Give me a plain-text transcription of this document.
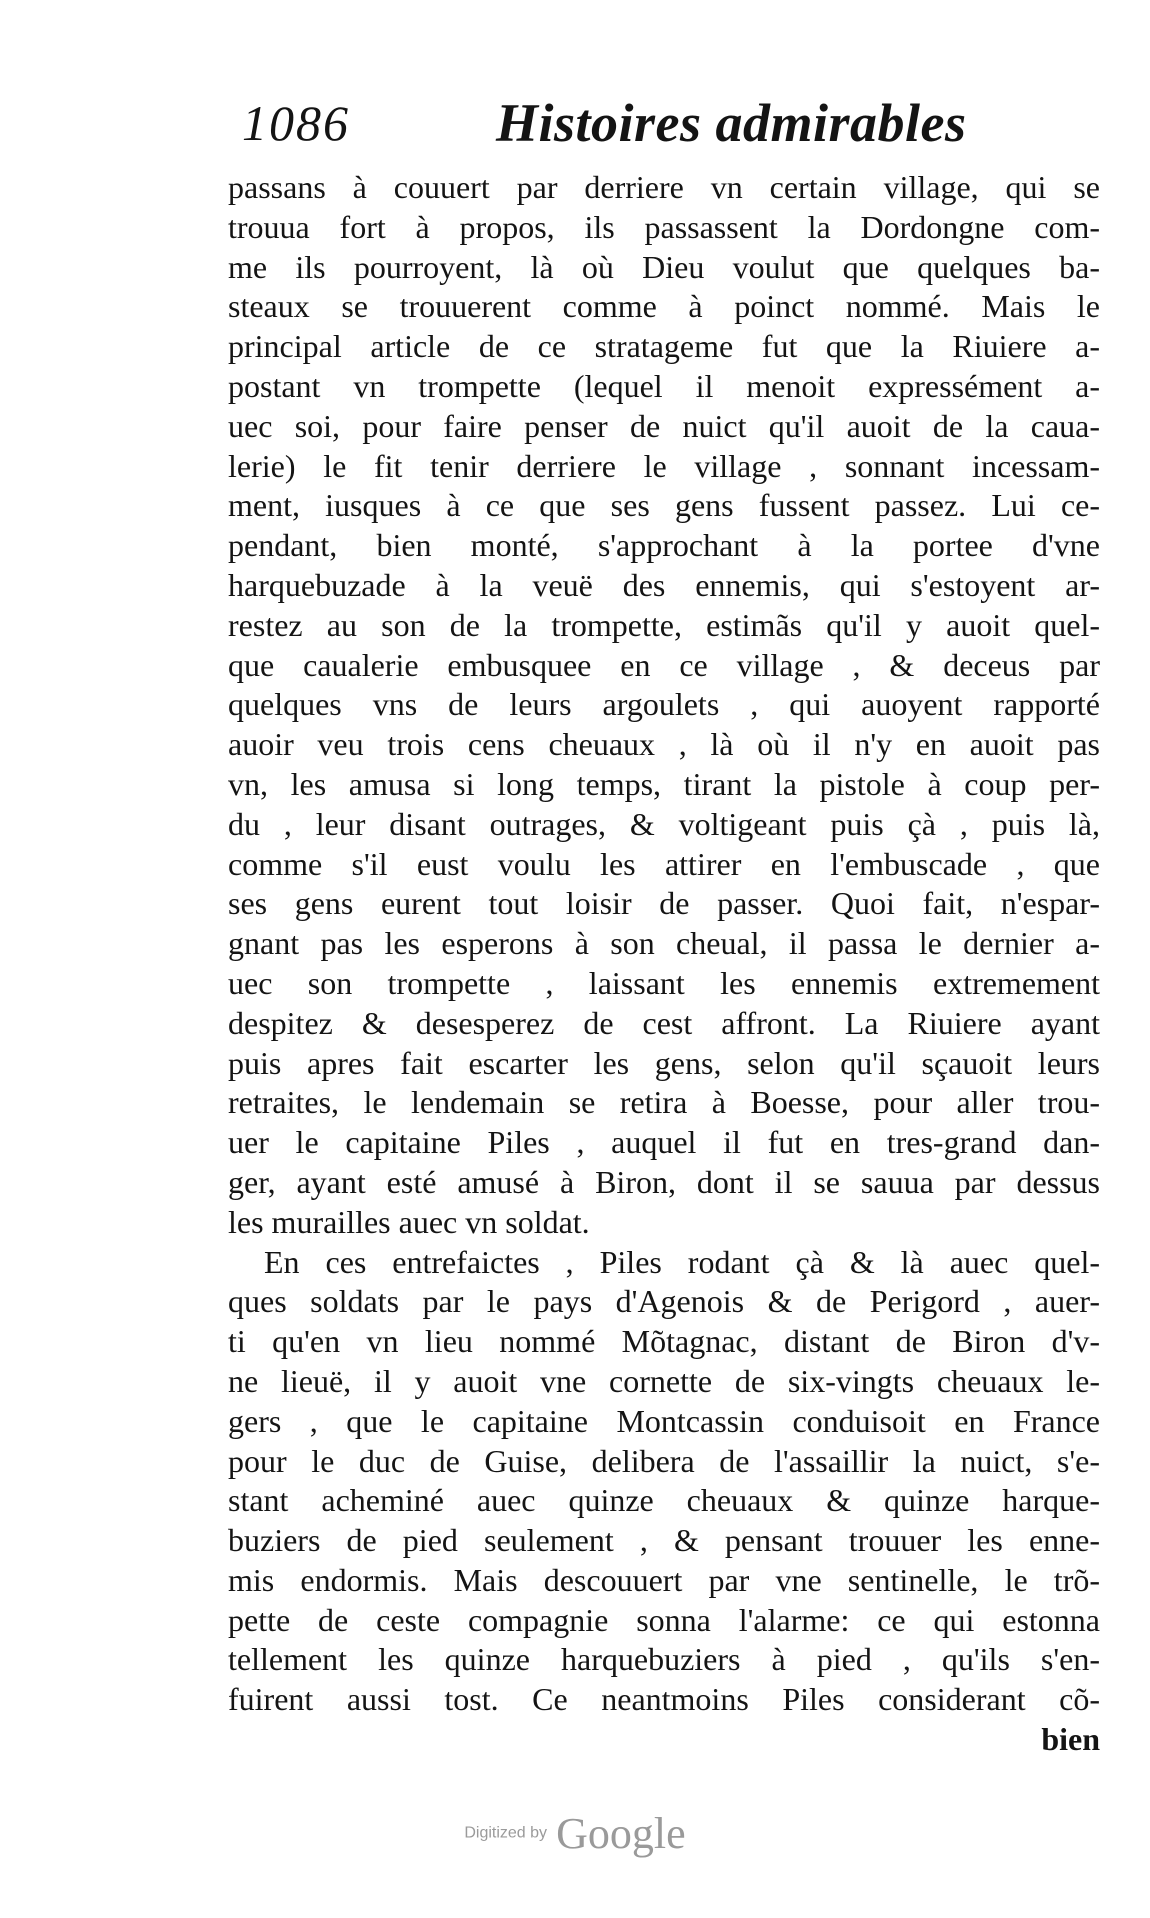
1086	Histoires admirables
passans à couuert par derriere vn certain village, qui se
trouua fort à propos, ils passassent la Dordongne com-
me ils pourroyent, là où Dieu voulut que quelques ba-
steaux se trouuerent comme à poinct nommé. Mais le
principal article de ce stratageme fut que la Riuiere a-
postant vn trompette (lequel il menoit expressément a-
uec soi, pour faire penser de nuict qu'il auoit de la caua-
lerie) le fit tenir derriere le village , sonnant incessam-
ment, iusques à ce que ses gens fussent passez. Lui ce-
pendant, bien monté, s'approchant à la portee d'vne
harquebuzade à la veuë des ennemis, qui s'estoyent ar-
restez au son de la trompette, estimãs qu'il y auoit quel-
que caualerie embusquee en ce village , & deceus par
quelques vns de leurs argoulets , qui auoyent rapporté
auoir veu trois cens cheuaux , là où il n'y en auoit pas
vn, les amusa si long temps, tirant la pistole à coup per-
du , leur disant outrages, & voltigeant puis çà , puis là,
comme s'il eust voulu les attirer en l'embuscade , que
ses gens eurent tout loisir de passer. Quoi fait, n'espar-
gnant pas les esperons à son cheual, il passa le dernier a-
uec son trompette , laissant les ennemis extremement
despitez & desesperez de cest affront. La Riuiere ayant
puis apres fait escarter les gens, selon qu'il sçauoit leurs
retraites, le lendemain se retira à Boesse, pour aller trou-
uer le capitaine Piles , auquel il fut en tres-grand dan-
ger, ayant esté amusé à Biron, dont il se sauua par dessus
les murailles auec vn soldat.
En ces entrefaictes , Piles rodant çà & là auec quel-
ques soldats par le pays d'Agenois & de Perigord , auer-
ti qu'en vn lieu nommé Mõtagnac, distant de Biron d'v-
ne lieuë, il y auoit vne cornette de six-vingts cheuaux le-
gers , que le capitaine Montcassin conduisoit en France
pour le duc de Guise, delibera de l'assaillir la nuict, s'e-
stant acheminé auec quinze cheuaux & quinze harque-
buziers de pied seulement , & pensant trouuer les enne-
mis endormis. Mais descouuert par vne sentinelle, le trõ-
pette de ceste compagnie sonna l'alarme: ce qui estonna
tellement les quinze harquebuziers à pied , qu'ils s'en-
fuirent aussi tost. Ce neantmoins Piles considerant cõ-
bien
Digitized by Google
